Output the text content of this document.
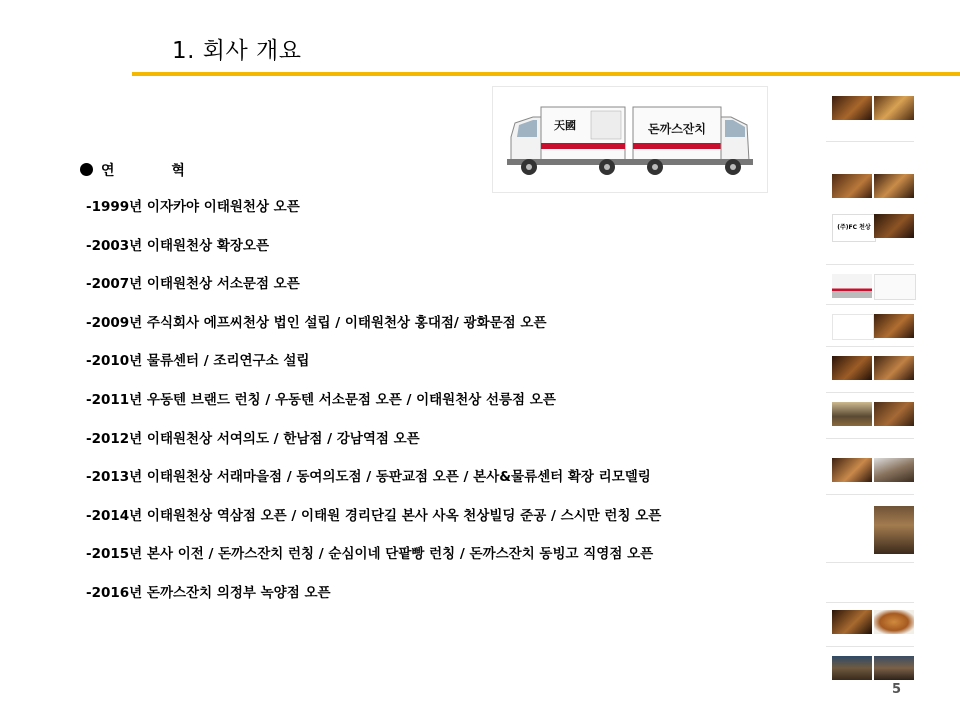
1. 회사 개요
연 혁
-1999년 이자카야 이태원천상 오픈
-2003년 이태원천상 확장오픈
-2007년 이태원천상 서소문점 오픈
-2009년 주식회사 에프씨천상 법인 설립 / 이태원천상 홍대점/ 광화문점 오픈
-2010년 물류센터 / 조리연구소 설립
-2011년 우동텐 브랜드 런칭 / 우동텐 서소문점 오픈 / 이태원천상 선릉점 오픈
-2012년 이태원천상 서여의도 / 한남점 / 강남역점 오픈
-2013년 이태원천상 서래마을점 / 동여의도점 / 동판교점 오픈 / 본사&물류센터 확장 리모델링
-2014년 이태원천상 역삼점 오픈 / 이태원 경리단길 본사 사옥 천상빌딩 준공 / 스시만 런칭 오픈
-2015년 본사 이전 / 돈까스잔치 런칭 / 순심이네 단팥빵 런칭 / 돈까스잔치 동빙고 직영점 오픈
-2016년 돈까스잔치 의정부 녹양점 오픈
天國	돈까스잔치
(주)FC 천상
5
